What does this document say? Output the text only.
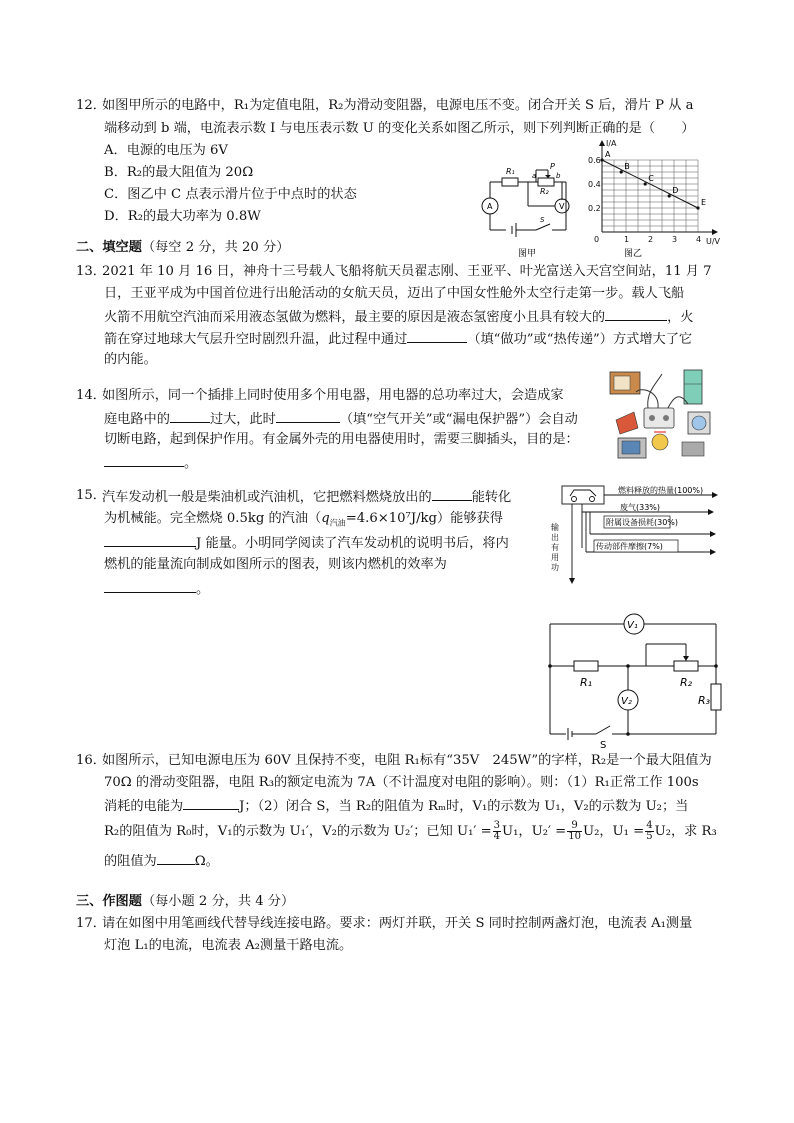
12．
如图甲所示的电路中，R₁为定值电阻，R₂为滑动变阻器，电源电压不变。闭合开关 S 后，滑片 P 从 a
端移动到 b 端，电流表示数 I 与电压表示数 U 的变化关系如图乙所示，则下列判断正确的是（　　）
A．电源的电压为 6V
B．R₂的最大阻值为 20Ω
C．图乙中 C 点表示滑片位于中点时的状态
D．R₂的最大功率为 0.8W
R₁
R₂
P
a	b
V
A
S
图甲
1 2 3 4
0.2
0.4
0.6
0	U/V
I/A
A
B
C
D
E
图乙
二、填空题（每空 2 分，共 20 分）
13．
2021 年 10 月 16 日，神舟十三号载人飞船将航天员翟志刚、王亚平、叶光富送入天宫空间站，11 月 7
日，王亚平成为中国首位进行出舱活动的女航天员，迈出了中国女性舱外太空行走第一步。载人飞船
火箭不用航空汽油而采用液态氢做为燃料，最主要的原因是液态氢密度小且具有较大的	，火
箭在穿过地球大气层升空时剧烈升温，此过程中通过	（填“做功”或“热传递”）方式增大了它
的内能。
14．
如图所示，同一个插排上同时使用多个用电器，用电器的总功率过大，会造成家
庭电路中的	过大，此时	（填“空气开关”或“漏电保护器”）会自动
切断电路，起到保护作用。有金属外壳的用电器使用时，需要三脚插头，目的是：
。
15．
汽车发动机一般是柴油机或汽油机，它把燃料燃烧放出的	能转化
为机械能。完全燃烧 0.5kg 的汽油$(q_{汽油}=4.6\times 10^7J/kg)$能够获得
J 能量。小明同学阅读了汽车发动机的说明书后，将内
燃机的能量流向制成如图所示的图表，则该内燃机的效率为
。
燃料释放的热量(100%)
废气(33%)
附属设备损耗(30%)
传动部件摩擦(7%)
输出有用功
V₁
V₂
R₁	R₂
R₃
S
16．
如图所示，已知电源电压为 60V 且保持不变，电阻 R₁标有“35V　245W”的字样，R₂是一个最大阻值为
70Ω 的滑动变阻器，电阻 R₃的额定电流为 7A（不计温度对电阻的影响）。则：（1）R₁正常工作 100s
消耗的电能为	J；（2）闭合 S，当 R₂的阻值为 Rₘ时，V₁的示数为 U₁，V₂的示数为 U₂；当
R₂的阻值为 R₀时，V₁的示数为 U₁′，V₂的示数为 U₂′；已知 $U_1' = \frac{3}{4} U_1$，$U_2' = \frac{9}{10} U_2$，$U_1 = \frac{4}{5} U_2$，求 R₃
的阻值为	Ω。
三、作图题（每小题 2 分，共 4 分）
17．
请在如图中用笔画线代替导线连接电路。要求：两灯并联，开关 S 同时控制两盏灯泡，电流表 A₁测量
灯泡 L₁的电流，电流表 A₂测量干路电流。
